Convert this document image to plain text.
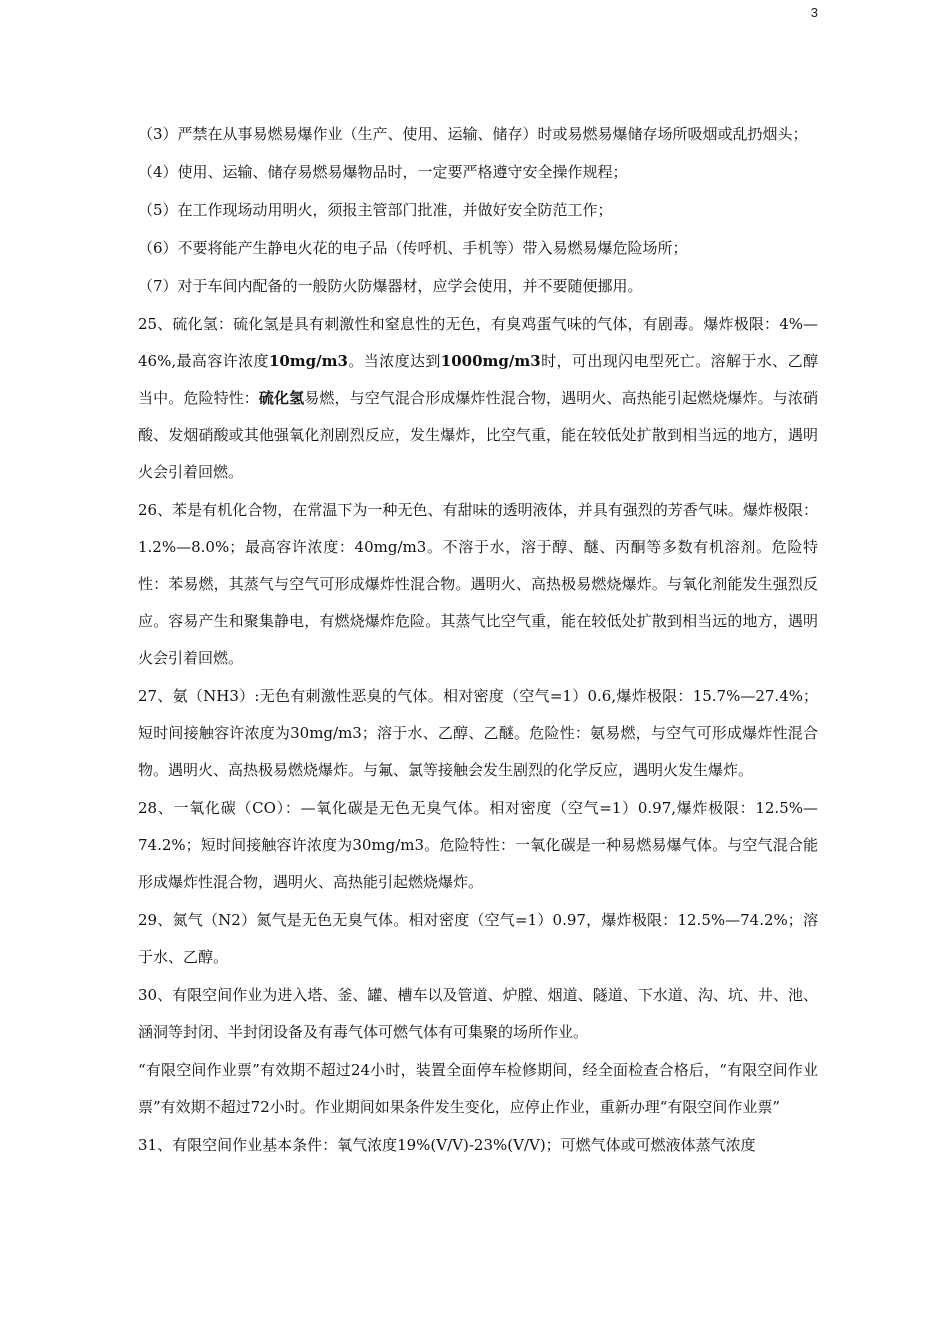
3

（3）严禁在从事易燃易爆作业（生产、使用、运输、储存）时或易燃易爆储存场所吸烟或乱扔烟头；

（4）使用、运输、储存易燃易爆物品时，一定要严格遵守安全操作规程；

（5）在工作现场动用明火，须报主管部门批准，并做好安全防范工作；

（6）不要将能产生静电火花的电子品（传呼机、手机等）带入易燃易爆危险场所；

（7）对于车间内配备的一般防火防爆器材，应学会使用，并不要随便挪用。

25、硫化氢：硫化氢是具有刺激性和窒息性的无色，有臭鸡蛋气味的气体，有剧毒。爆炸极限：4%—46%,最高容许浓度10mg/m3。当浓度达到1000mg/m3时，可出现闪电型死亡。溶解于水、乙醇当中。危险特性：硫化氢易燃，与空气混合形成爆炸性混合物，遇明火、高热能引起燃烧爆炸。与浓硝酸、发烟硝酸或其他强氧化剂剧烈反应，发生爆炸，比空气重，能在较低处扩散到相当远的地方，遇明火会引着回燃。

26、苯是有机化合物，在常温下为一种无色、有甜味的透明液体，并具有强烈的芳香气味。爆炸极限：1.2%—8.0%；最高容许浓度：40mg/m3。不溶于水，溶于醇、醚、丙酮等多数有机溶剂。危险特性：苯易燃，其蒸气与空气可形成爆炸性混合物。遇明火、高热极易燃烧爆炸。与氧化剂能发生强烈反应。容易产生和聚集静电，有燃烧爆炸危险。其蒸气比空气重，能在较低处扩散到相当远的地方，遇明火会引着回燃。

27、氨（NH3）:无色有刺激性恶臭的气体。相对密度（空气=1）0.6,爆炸极限：15.7%—27.4%；短时间接触容许浓度为30mg/m3；溶于水、乙醇、乙醚。危险性：氨易燃，与空气可形成爆炸性混合物。遇明火、高热极易燃烧爆炸。与氟、氯等接触会发生剧烈的化学反应，遇明火发生爆炸。

28、一氧化碳（CO）：—氧化碳是无色无臭气体。相对密度（空气=1）0.97,爆炸极限：12.5%—74.2%；短时间接触容许浓度为30mg/m3。危险特性：一氧化碳是一种易燃易爆气体。与空气混合能形成爆炸性混合物，遇明火、高热能引起燃烧爆炸。

29、氮气（N2）氮气是无色无臭气体。相对密度（空气=1）0.97，爆炸极限：12.5%—74.2%；溶于水、乙醇。

30、有限空间作业为进入塔、釜、罐、槽车以及管道、炉膛、烟道、隧道、下水道、沟、坑、井、池、涵洞等封闭、半封闭设备及有毒气体可燃气体有可集聚的场所作业。

“有限空间作业票”有效期不超过24小时，装置全面停车检修期间，经全面检查合格后，“有限空间作业票”有效期不超过72小时。作业期间如果条件发生变化，应停止作业，重新办理“有限空间作业票”

31、有限空间作业基本条件：氧气浓度19%(V/V)-23%(V/V)；可燃气体或可燃液体蒸气浓度
